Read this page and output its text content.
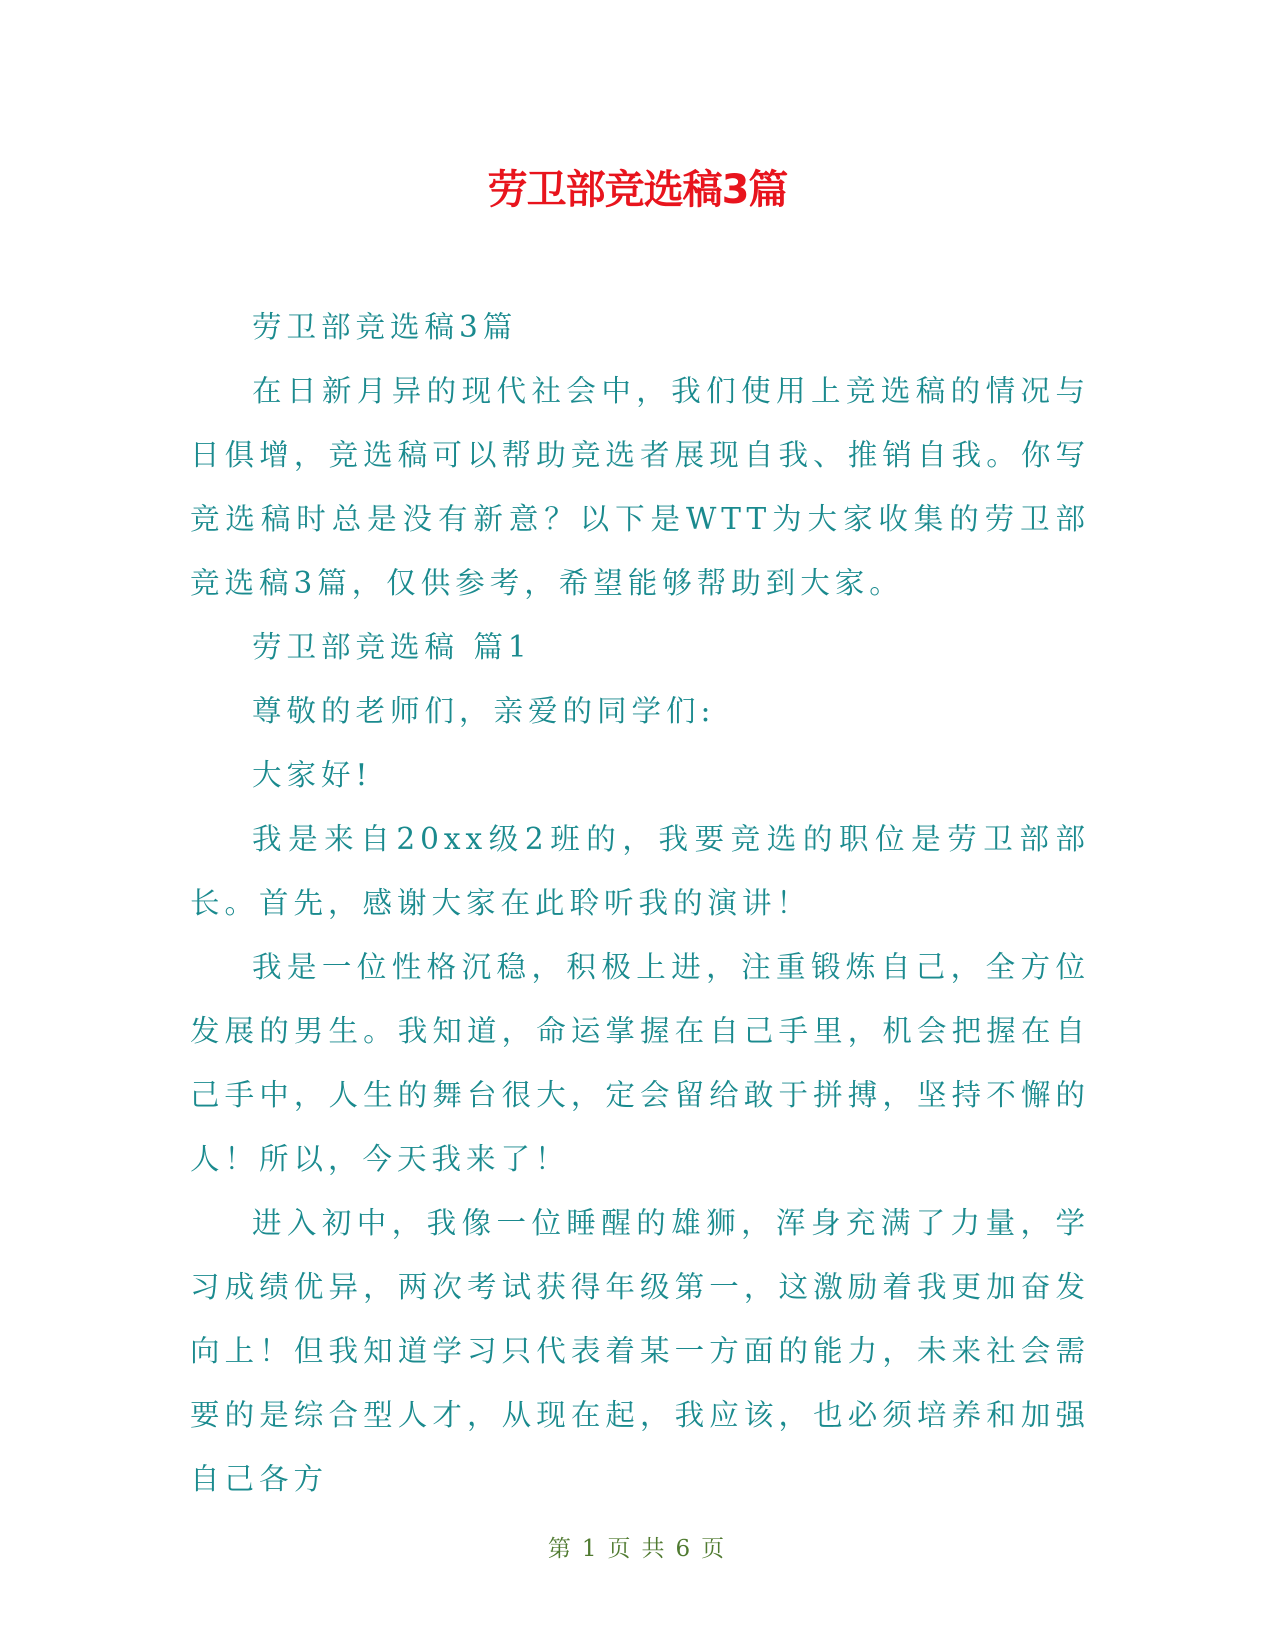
劳卫部竞选稿3篇

劳卫部竞选稿3篇

在日新月异的现代社会中，我们使用上竞选稿的情况与日俱增，竞选稿可以帮助竞选者展现自我、推销自我。你写竞选稿时总是没有新意？以下是WTT为大家收集的劳卫部竞选稿3篇，仅供参考，希望能够帮助到大家。

劳卫部竞选稿 篇1

尊敬的老师们，亲爱的同学们:

大家好!

我是来自20xx级2班的，我要竞选的职位是劳卫部部长。首先，感谢大家在此聆听我的演讲！

我是一位性格沉稳，积极上进，注重锻炼自己，全方位发展的男生。我知道，命运掌握在自己手里，机会把握在自己手中，人生的舞台很大，定会留给敢于拼搏，坚持不懈的人！所以，今天我来了！

进入初中，我像一位睡醒的雄狮，浑身充满了力量，学习成绩优异，两次考试获得年级第一，这激励着我更加奋发向上！但我知道学习只代表着某一方面的能力，未来社会需要的是综合型人才，从现在起，我应该，也必须培养和加强自己各方

第 1 页 共 6 页
